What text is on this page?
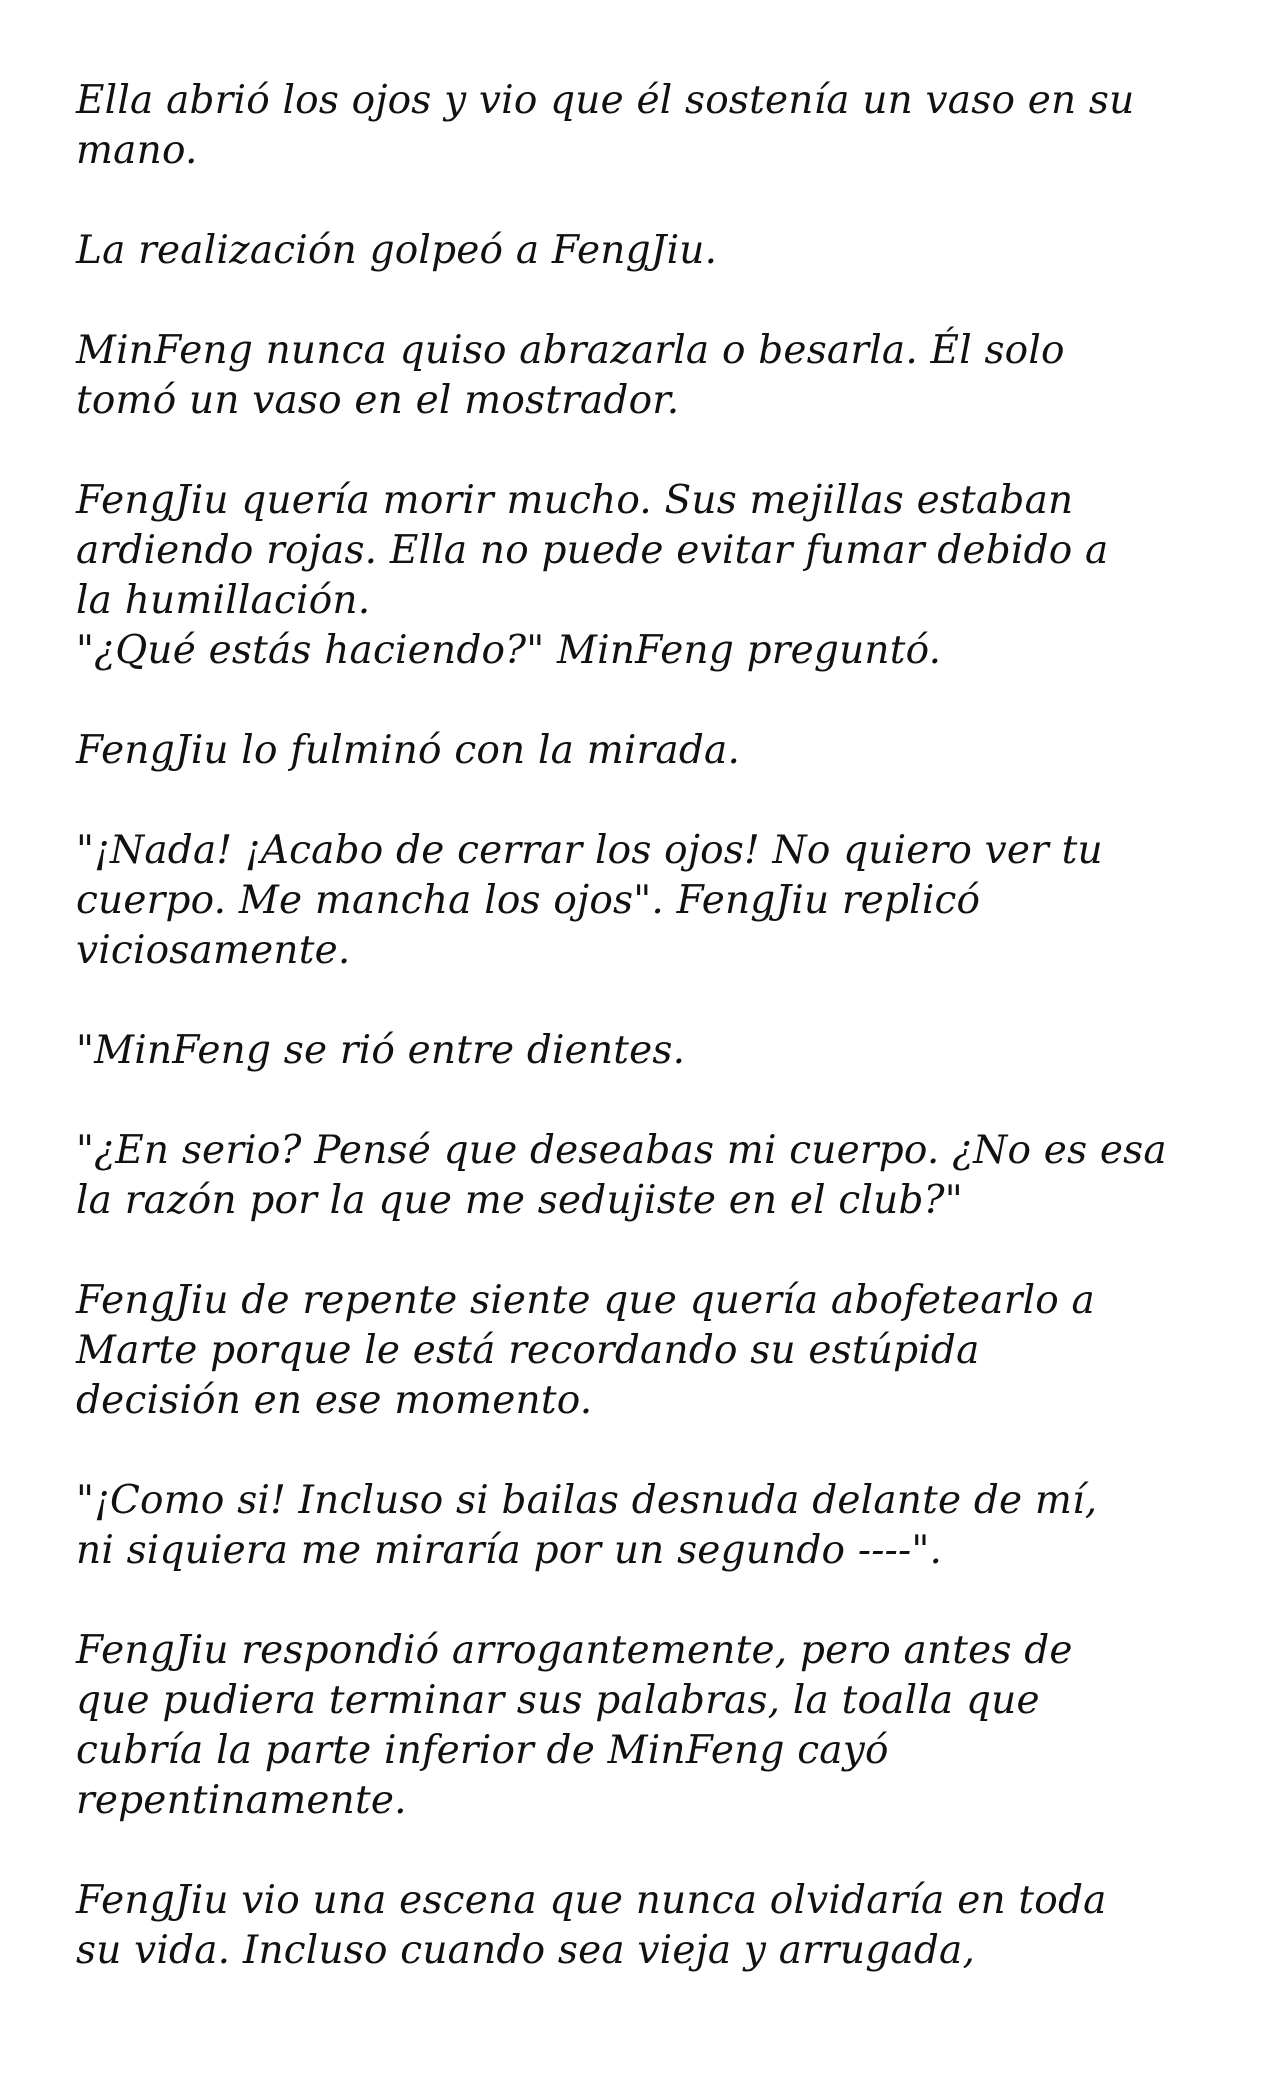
Ella abrió los ojos y vio que él sostenía un vaso en su
mano.
La realización golpeó a FengJiu.
MinFeng nunca quiso abrazarla o besarla. Él solo
tomó un vaso en el mostrador.
FengJiu quería morir mucho. Sus mejillas estaban
ardiendo rojas. Ella no puede evitar fumar debido a
la humillación.
"¿Qué estás haciendo?" MinFeng preguntó.
FengJiu lo fulminó con la mirada.
"¡Nada! ¡Acabo de cerrar los ojos! No quiero ver tu
cuerpo. Me mancha los ojos". FengJiu replicó
viciosamente.
"MinFeng se rió entre dientes.
"¿En serio? Pensé que deseabas mi cuerpo. ¿No es esa
la razón por la que me sedujiste en el club?"
FengJiu de repente siente que quería abofetearlo a
Marte porque le está recordando su estúpida
decisión en ese momento.
"¡Como si! Incluso si bailas desnuda delante de mí,
ni siquiera me miraría por un segundo ----".
FengJiu respondió arrogantemente, pero antes de
que pudiera terminar sus palabras, la toalla que
cubría la parte inferior de MinFeng cayó
repentinamente.
FengJiu vio una escena que nunca olvidaría en toda
su vida. Incluso cuando sea vieja y arrugada,
